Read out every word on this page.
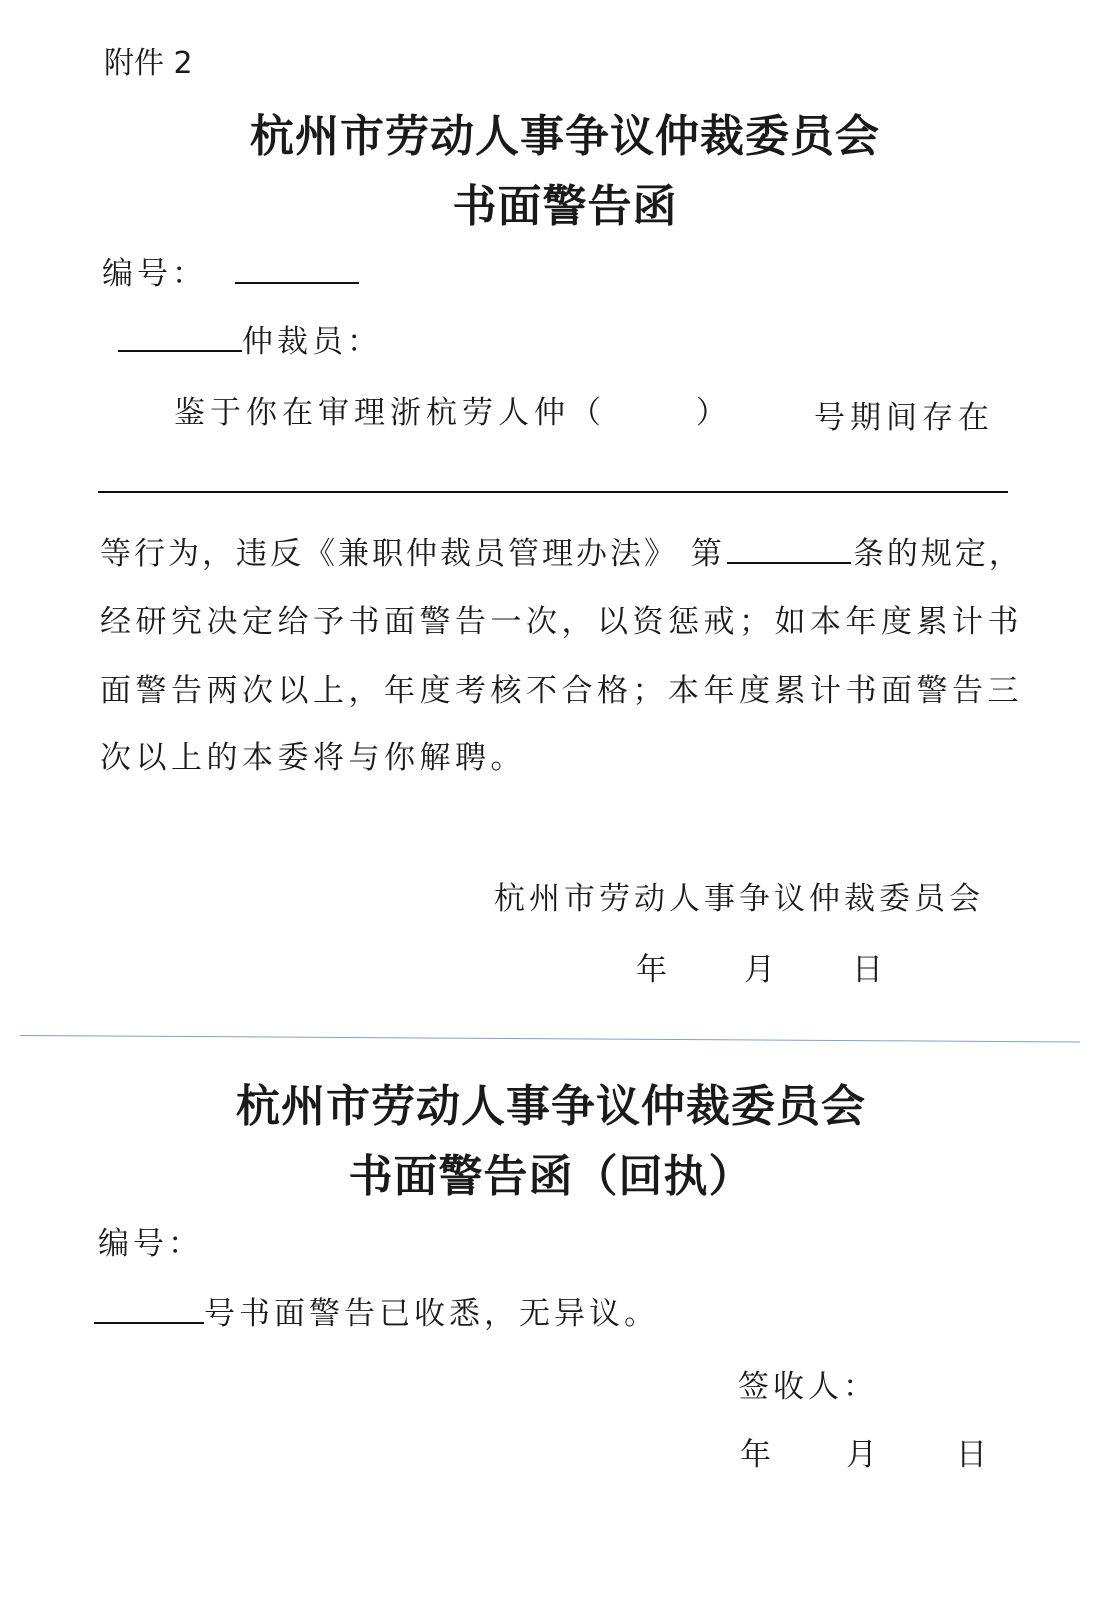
附件 2
杭州市劳动人事争议仲裁委员会
书面警告函
编号：
仲裁员：
鉴于你在审理浙杭劳人仲（	）	号期间存在
等行为，违反《兼职仲裁员管理办法》 第	条的规定，
经研究决定给予书面警告一次，以资惩戒；如本年度累计书
面警告两次以上，年度考核不合格；本年度累计书面警告三
次以上的本委将与你解聘。
杭州市劳动人事争议仲裁委员会
年 月 日
杭州市劳动人事争议仲裁委员会
书面警告函（回执）
编号：
号书面警告已收悉，无异议。
签收人：
年 月 日
